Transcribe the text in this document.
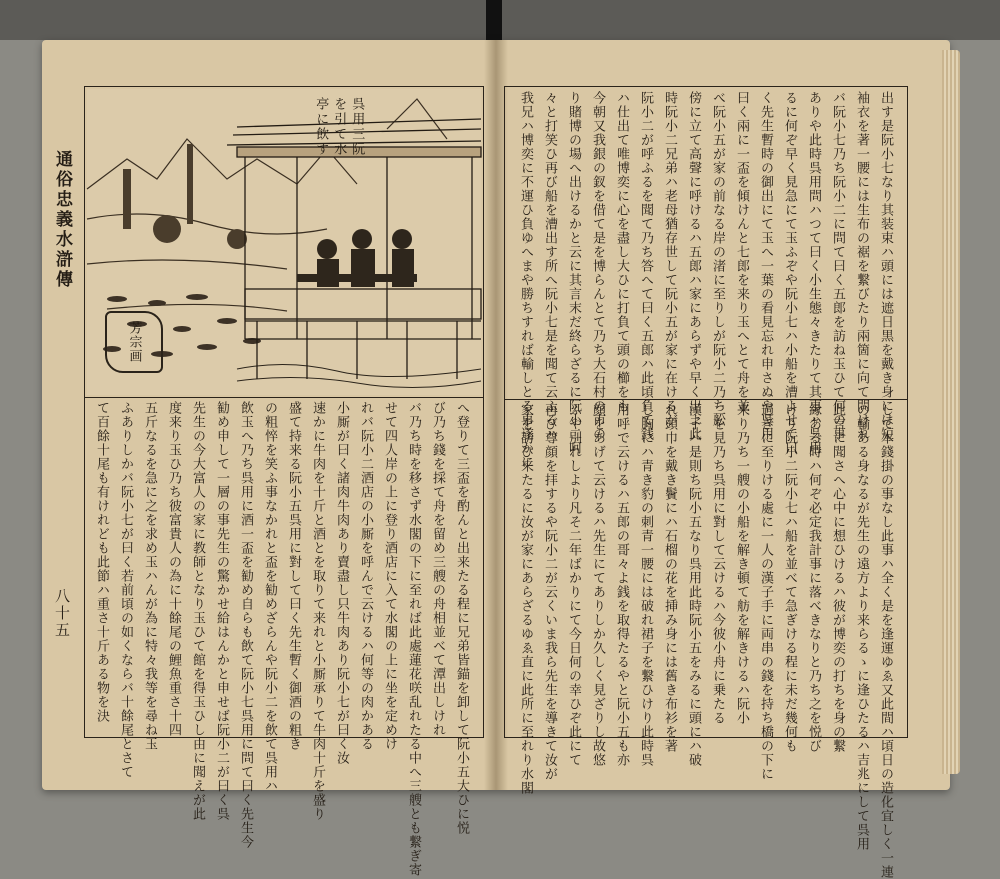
通俗忠義水滸傳
八十五
呉用三阮
を引て水
亭に飲す
芳宗画
へ登りて三盃を酌んと出来たる程に兄弟皆錨を卸して阮小五大ひに悦
び乃ち錢を採て舟を留め三艘の舟相並べて潭出しけれ
バ乃ち時を移さず水閣の下に至れば此處蓮花咲乱れたる中へ三艘とも繋ぎ寄
せて四人岸の上に登り酒店に入て水閣の上に坐を定めけ
れバ阮小二酒店の小厮を呼んで云けるハ何等の肉かある
小厮が曰く諸肉牛肉あり賣盡し只牛肉あり阮小七が曰く汝
速かに牛肉を十斤と酒とを取りて来れと小厮承りて牛肉十斤を盛り
盛て持来る阮小五呉用に對して曰く先生暫く御酒の粗き
の粗悴を笑ふ事なかれと盃を勧めざらんや阮小二を飲て呉用ハ
飲玉へ乃ち呉用に酒一盃を勧め自らも飲て阮小七呉用に問て曰く先生今
勧め申して一層の事先生の驚かせ給はんかと申せば阮小二が曰く呉
先生の今大富人の家に教師となり玉ひて館を得玉ひし由に聞えが此
度来り玉ひ乃ち彼富貴人の為に十餘尾の鯉魚重さ十四
五斤なるを急に之を求め玉ハんが為に特々我等を尋ね玉
ふありしかバ阮小七が曰く若前頃の如くならバ十餘尾とさて
て百餘十尾も有けれども此節ハ重さ十斤ある物を決
出す是阮小七なり其装束ハ頭には遮日黒を戴き身には短
袖衣を著一腰には生布の裾を繋びたり兩箇に向て問けれ
バ阮小七乃ち阮小二に問て曰く五郎を訪ね玉ひて何の事
ありや此時呉用問ハつて曰く小生態々きたりて其事ハ呉用
るに何ぞ早く見急にて玉ふぞや阮小七ハ小船を漕よせて曰
く先生暫時の御出にて玉へ一葉の看見忘れ申さぬや呉用
曰く兩に一盃を傾けんと七郎を来り玉へとて舟を並
べ阮小五が家の前なる岸の渚に至りしが阮小二乃ち舩
傍に立て高聲に呼けるハ五郎ハ家にあらずや早く出よ此
時阮小二兄弟ハ老母猶存世して阮小五が家に在けるが
阮小二が呼ふるを聞て乃ち答へて曰く五郎ハ此頃負て銭
ハ仕出て唯博奕に心を盡し大ひに打負て頭の櫛をも
今朝又我銀の釵を借て是を博らんとて乃ち大石村の市の
り賭博の場へ出けるかと云に其言末だ終らざるに阮小二呵
々と打笑ひ再び船を漕出す所へ阮小七是を聞て云ふるハ
我兄ハ博奕に不運ひ負ゆへまや勝ちすれば輸しとる事遂かに
して本錢掛の事なし此事ハ全く是を逢運ゆゑ又此間ハ頃日の造化宜しく一連
の輸ある身なるが先生の遠方より来らるゝに逢ひたるハ吉兆にして呉用
此言に聞さへ心中に想ひけるハ彼が博奕の打ちを身の繋
縁ある時ハ何ぞ必定我計事に落べきなりと乃ち之を悦び
けり阮小二阮小七ハ船を並べて急ぎける程に未だ幾何も
過ぎに至りける處に一人の漢子手に両串の錢を持ち橋の下に
来り乃ち一艘の小船を解き頓て舫を解きけるハ阮小
二を見乃ち呉用に對して云けるハ今彼小舟に乗たる
漢子ハ是則ち阮小五なり呉用此時阮小五をみるに頭にハ破
れ頭巾を戴き鬢にハ石榴の花を挿み身には舊き布衫を著
し胸にハ青き豹の刺青一腰には破れ裙子を繋ひけり此時呉
用呼で云けるハ五郎の哥々よ銭を取得たるやと阮小五も亦
顔をあげて云けるハ先生にてありしか久しく見ざりし故悠
ふや別れしより凡そ二年ばかりにて今日何の幸ひぞ此にて
再び尊顔を拝するや阮小二が云くいま我ら先生を導きて汝が
家を訪ひ来たるに汝が家にあらざるゆゑ直に此所に至れり水閣
